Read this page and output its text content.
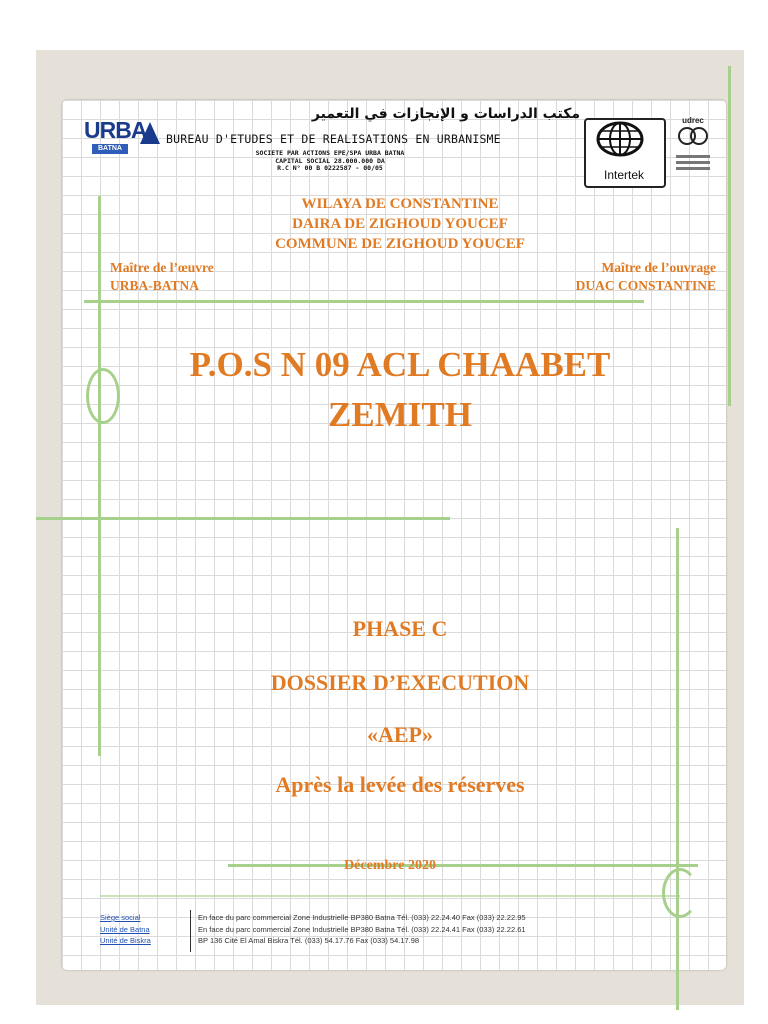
URBA
BATNA
مكتب الدراسات و الإنجازات في التعمير
BUREAU D'ETUDES ET DE REALISATIONS EN URBANISME
SOCIETE PAR ACTIONS EPE/SPA URBA BATNA
CAPITAL SOCIAL 28.000.000 DA
R.C N° 00 B 0222587 - 00/05	Intertek
udrec
WILAYA DE CONSTANTINE
DAIRA DE ZIGHOUD YOUCEF
COMMUNE DE ZIGHOUD YOUCEF
Maître de l’œuvre
URBA-BATNA
Maître de l’ouvrage
DUAC CONSTANTINE
P.O.S N 09 ACL CHAABET
ZEMITH
PHASE C
DOSSIER D’EXECUTION
«AEP»
Après la levée des réserves
Décembre 2020
Siège social
Unité de Batna
Unité de Biskra
En face du parc commercial Zone Industrielle BP380 Batna Tél. (033) 22.24.40 Fax (033) 22.22.95
En face du parc commercial Zone Industrielle BP380 Batna Tél. (033) 22.24.41 Fax (033) 22.22.61
BP 136 Cité El Amal Biskra Tél. (033) 54.17.76 Fax (033) 54.17.98
